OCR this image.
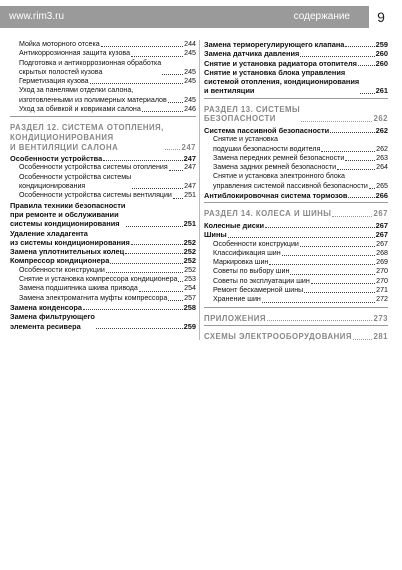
www.rim3.ru	содержание	9
Мойка моторного отсека	244
Антикоррозионная защита кузова	245
Подготовка и антикоррозионная обработка
скрытых полостей кузова	245
Герметизация кузова	245
Уход за панелями отделки салона,
изготовленными из полимерных материалов 245
Уход за обивкой и ковриками салона	246
РАЗДЕЛ 12. СИСТЕМА ОТОПЛЕНИЯ,
КОНДИЦИОНИРОВАНИЯ
И ВЕНТИЛЯЦИИ САЛОНА	247
Особенности устройства	247
Особенности устройства системы отопления 247
Особенности устройства системы
кондиционирования	247
Особенности устройства системы вентиляции 251
Правила техники безопасности
при ремонте и обслуживании
системы кондиционирования	251
Удаление хладагента
из системы кондиционирования	252
Замена уплотнительных колец	252
Компрессор кондиционера	252
Особенности конструкции	252
Снятие и установка компрессора кондиционера 253
Замена подшипника шкива привода	254
Замена электромагнита муфты компрессора 257
Замена конденсора	258
Замена фильтрующего
элемента ресивера	259
Замена терморегулирующего клапана	259
Замена датчика давления	260
Снятие и установка радиатора отопителя	260
Снятие и установка блока управления
системой отопления, кондиционирования
и вентиляции	261
РАЗДЕЛ 13. СИСТЕМЫ
БЕЗОПАСНОСТИ	262
Система пассивной безопасности	262
Снятие и установка
подушки безопасности водителя	262
Замена передних ремней безопасности	263
Замена задних ремней безопасности	264
Снятие и установка электронного блока
управления системой пассивной безопасности 265
Антиблокировочная система тормозов	266
РАЗДЕЛ 14. КОЛЕСА И ШИНЫ	267
Колесные диски	267
Шины	267
Особенности конструкции	267
Классификация шин	268
Маркировка шин	269
Советы по выбору шин	270
Советы по эксплуатации шин	270
Ремонт бескамерной шины	271
Хранение шин	272
ПРИЛОЖЕНИЯ	273
СХЕМЫ ЭЛЕКТРООБОРУДОВАНИЯ	281
